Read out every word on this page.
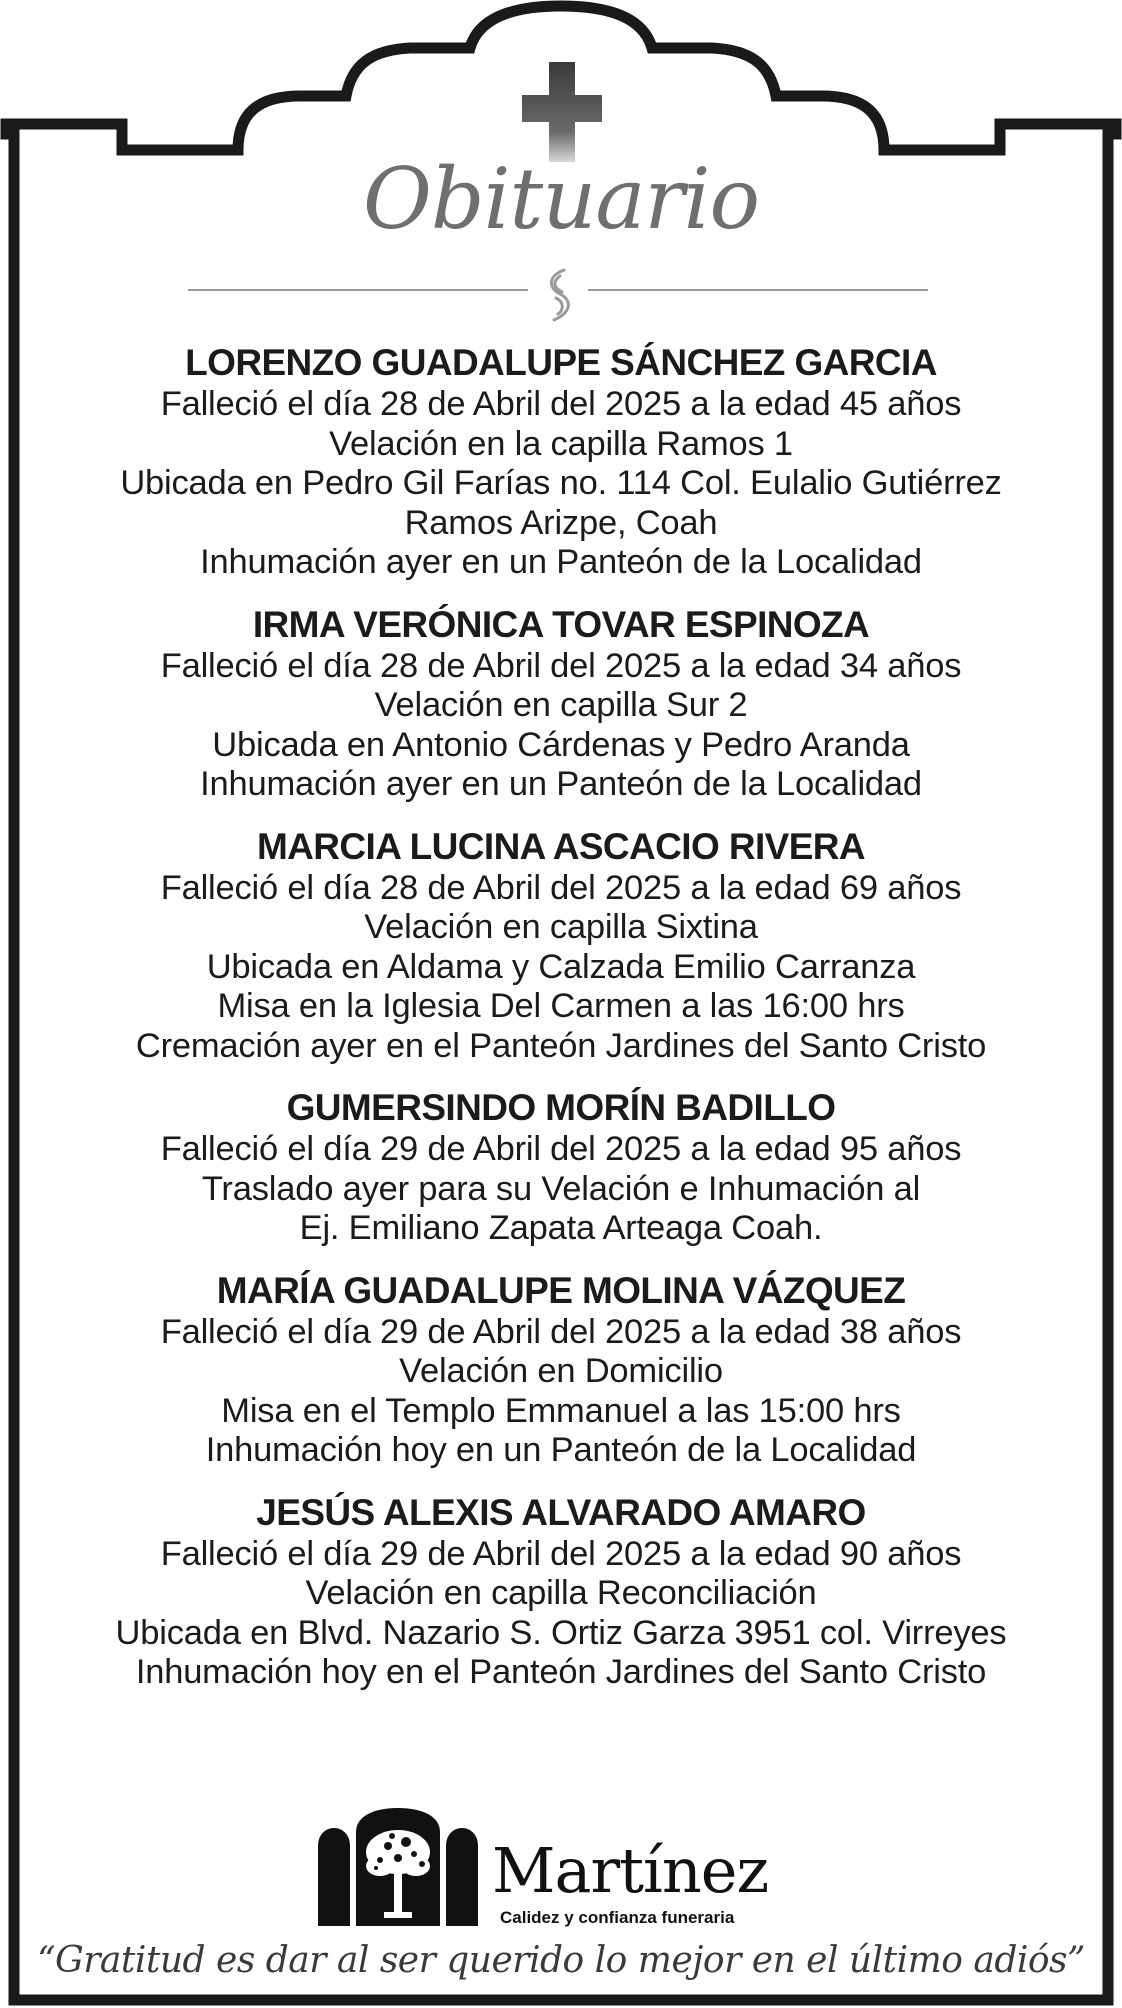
Obituario
LORENZO GUADALUPE SÁNCHEZ GARCIA
Falleció el día 28 de Abril del 2025 a la edad 45 años
Velación en la capilla Ramos 1
Ubicada en Pedro Gil Farías no. 114 Col. Eulalio Gutiérrez
Ramos Arizpe, Coah
Inhumación ayer en un Panteón de la Localidad
IRMA VERÓNICA TOVAR ESPINOZA
Falleció el día 28 de Abril del 2025 a la edad 34 años
Velación en capilla Sur 2
Ubicada en Antonio Cárdenas y Pedro Aranda
Inhumación ayer en un Panteón de la Localidad
MARCIA LUCINA ASCACIO RIVERA
Falleció el día 28 de Abril del 2025 a la edad 69 años
Velación en capilla Sixtina
Ubicada en Aldama y Calzada Emilio Carranza
Misa en la Iglesia Del Carmen a las 16:00 hrs
Cremación ayer en el Panteón Jardines del Santo Cristo
GUMERSINDO MORÍN BADILLO
Falleció el día 29 de Abril del 2025 a la edad 95 años
Traslado ayer para su Velación e Inhumación al
Ej. Emiliano Zapata Arteaga Coah.
MARÍA GUADALUPE MOLINA VÁZQUEZ
Falleció el día 29 de Abril del 2025 a la edad 38 años
Velación en Domicilio
Misa en el Templo Emmanuel a las 15:00 hrs
Inhumación hoy en un Panteón de la Localidad
JESÚS ALEXIS ALVARADO AMARO
Falleció el día 29 de Abril del 2025 a la edad 90 años
Velación en capilla Reconciliación
Ubicada en Blvd. Nazario S. Ortiz Garza 3951 col. Virreyes
Inhumación hoy en el Panteón Jardines del Santo Cristo
Martínez
Calidez y confianza funeraria
“Gratitud es dar al ser querido lo mejor en el último adiós”
